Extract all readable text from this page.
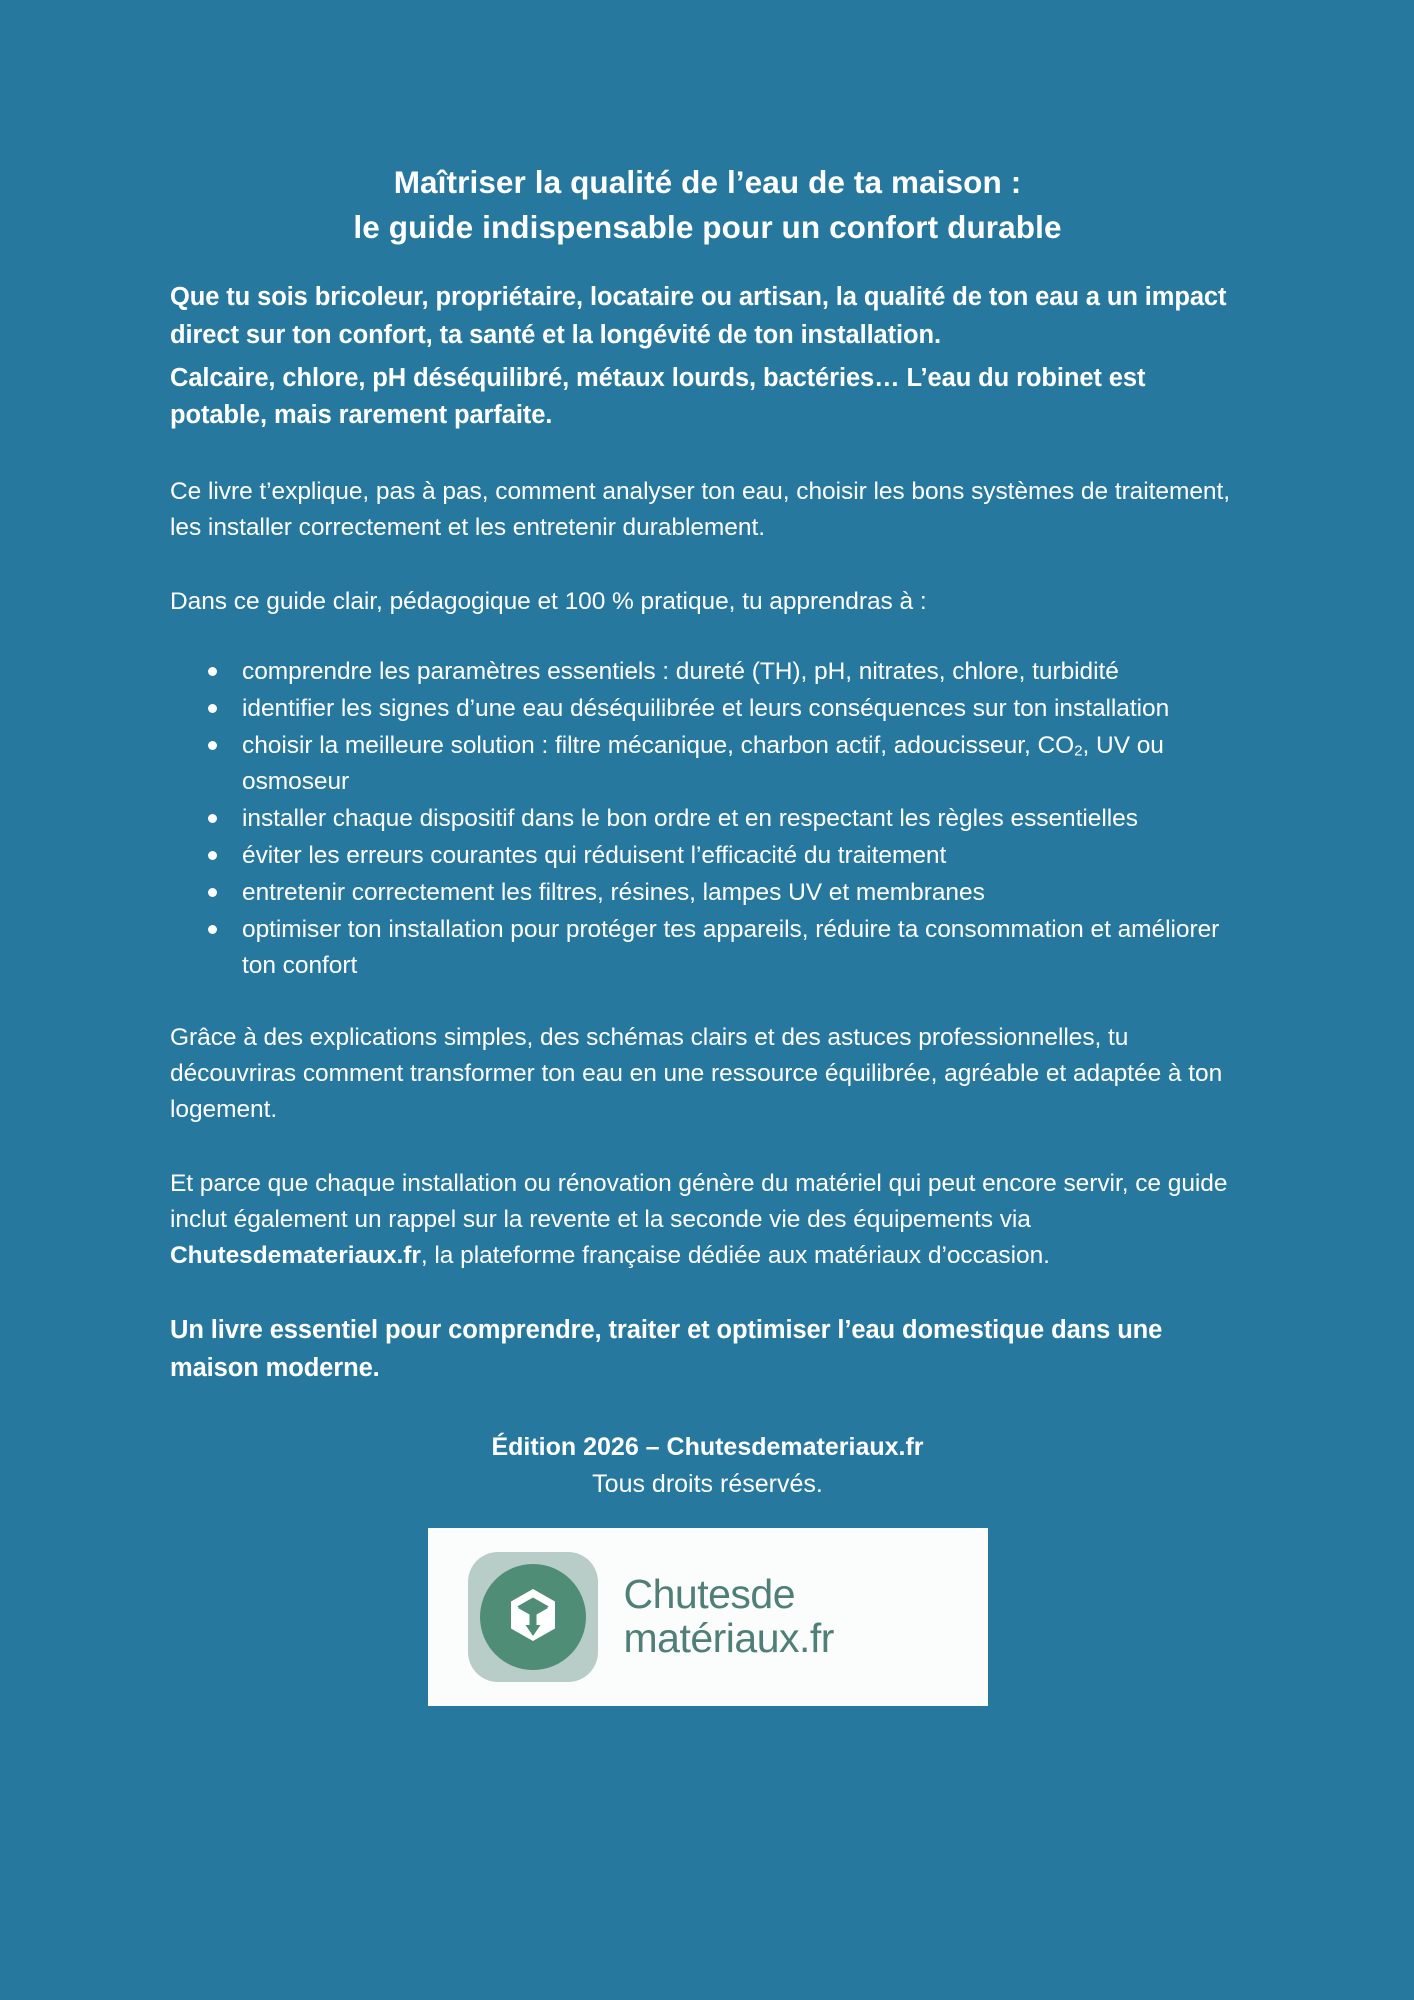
Maîtriser la qualité de l’eau de ta maison :
le guide indispensable pour un confort durable

Que tu sois bricoleur, propriétaire, locataire ou artisan, la qualité de ton eau a un impact direct sur ton confort, ta santé et la longévité de ton installation.

Calcaire, chlore, pH déséquilibré, métaux lourds, bactéries… L’eau du robinet est potable, mais rarement parfaite.

Ce livre t’explique, pas à pas, comment analyser ton eau, choisir les bons systèmes de traitement, les installer correctement et les entretenir durablement.

Dans ce guide clair, pédagogique et 100 % pratique, tu apprendras à :

comprendre les paramètres essentiels : dureté (TH), pH, nitrates, chlore, turbidité
identifier les signes d’une eau déséquilibrée et leurs conséquences sur ton installation
choisir la meilleure solution : filtre mécanique, charbon actif, adoucisseur, $CO_2$, UV ou osmoseur
installer chaque dispositif dans le bon ordre et en respectant les règles essentielles
éviter les erreurs courantes qui réduisent l’efficacité du traitement
entretenir correctement les filtres, résines, lampes UV et membranes
optimiser ton installation pour protéger tes appareils, réduire ta consommation et améliorer ton confort

Grâce à des explications simples, des schémas clairs et des astuces professionnelles, tu découvriras comment transformer ton eau en une ressource équilibrée, agréable et adaptée à ton logement.

Et parce que chaque installation ou rénovation génère du matériel qui peut encore servir, ce guide inclut également un rappel sur la revente et la seconde vie des équipements via Chutesdemateriaux.fr, la plateforme française dédiée aux matériaux d’occasion.

Un livre essentiel pour comprendre, traiter et optimiser l’eau domestique dans une maison moderne.

Édition 2026 – Chutesdemateriaux.fr

Tous droits réservés.

Chutesde
matériaux.fr
